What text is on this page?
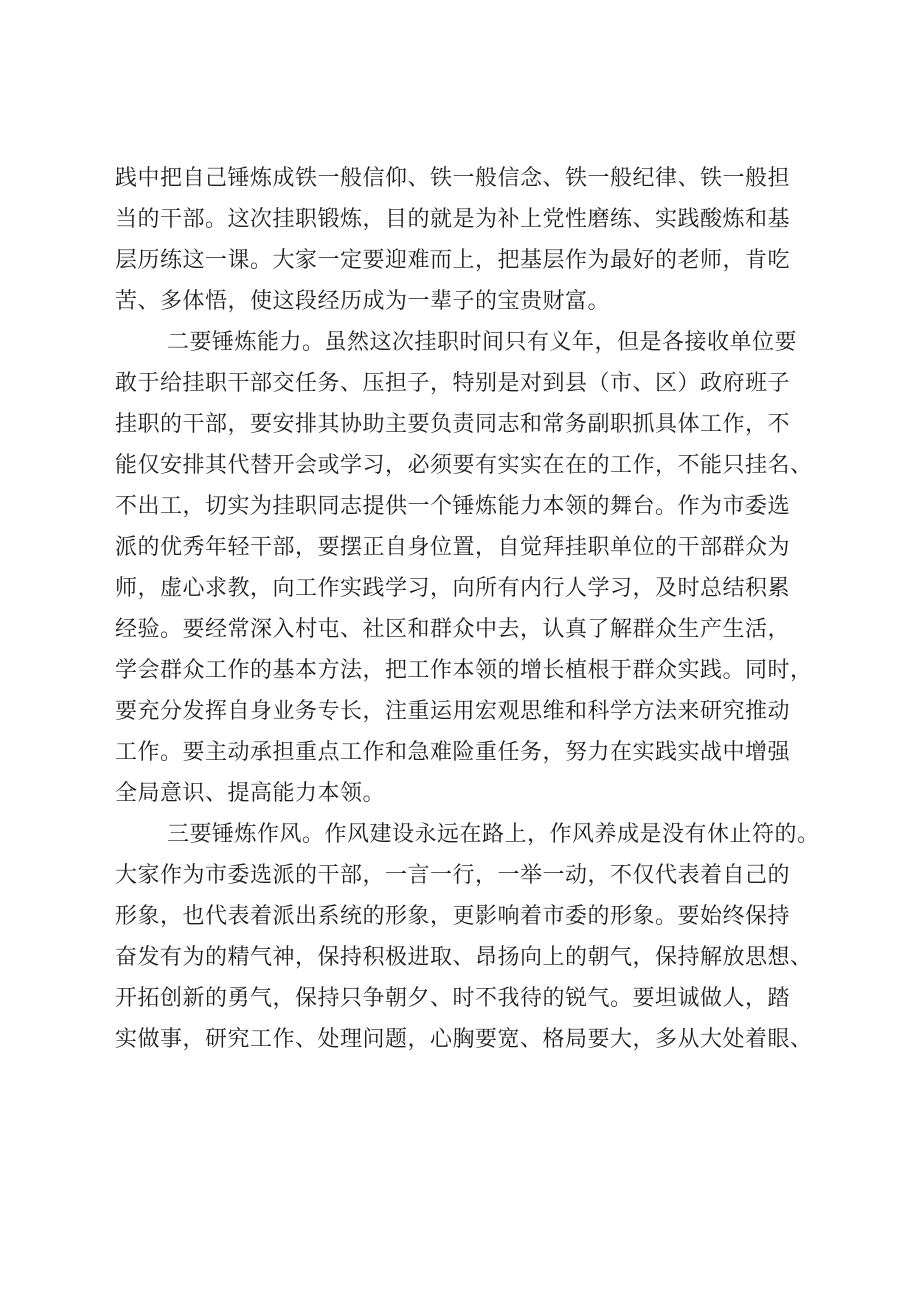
践中把自己锤炼成铁一般信仰、铁一般信念、铁一般纪律、铁一般担
当的干部。这次挂职锻炼，目的就是为补上党性磨练、实践酸炼和基
层历练这一课。大家一定要迎难而上，把基层作为最好的老师，肯吃
苦、多体悟，使这段经历成为一辈子的宝贵财富。
二要锤炼能力。虽然这次挂职时间只有义年，但是各接收单位要
敢于给挂职干部交任务、压担子，特别是对到县（市、区）政府班子
挂职的干部，要安排其协助主要负责同志和常务副职抓具体工作，不
能仅安排其代替开会或学习，必须要有实实在在的工作，不能只挂名、
不出工，切实为挂职同志提供一个锤炼能力本领的舞台。作为市委选
派的优秀年轻干部，要摆正自身位置，自觉拜挂职单位的干部群众为
师，虚心求教，向工作实践学习，向所有内行人学习，及时总结积累
经验。要经常深入村屯、社区和群众中去，认真了解群众生产生活，
学会群众工作的基本方法，把工作本领的增长植根于群众实践。同时，
要充分发挥自身业务专长，注重运用宏观思维和科学方法来研究推动
工作。要主动承担重点工作和急难险重任务，努力在实践实战中增强
全局意识、提高能力本领。
三要锤炼作风。作风建设永远在路上，作风养成是没有休止符的。
大家作为市委选派的干部，一言一行，一举一动，不仅代表着自己的
形象，也代表着派出系统的形象，更影响着市委的形象。要始终保持
奋发有为的精气神，保持积极进取、昂扬向上的朝气，保持解放思想、
开拓创新的勇气，保持只争朝夕、时不我待的锐气。要坦诚做人，踏
实做事，研究工作、处理问题，心胸要宽、格局要大，多从大处着眼、
